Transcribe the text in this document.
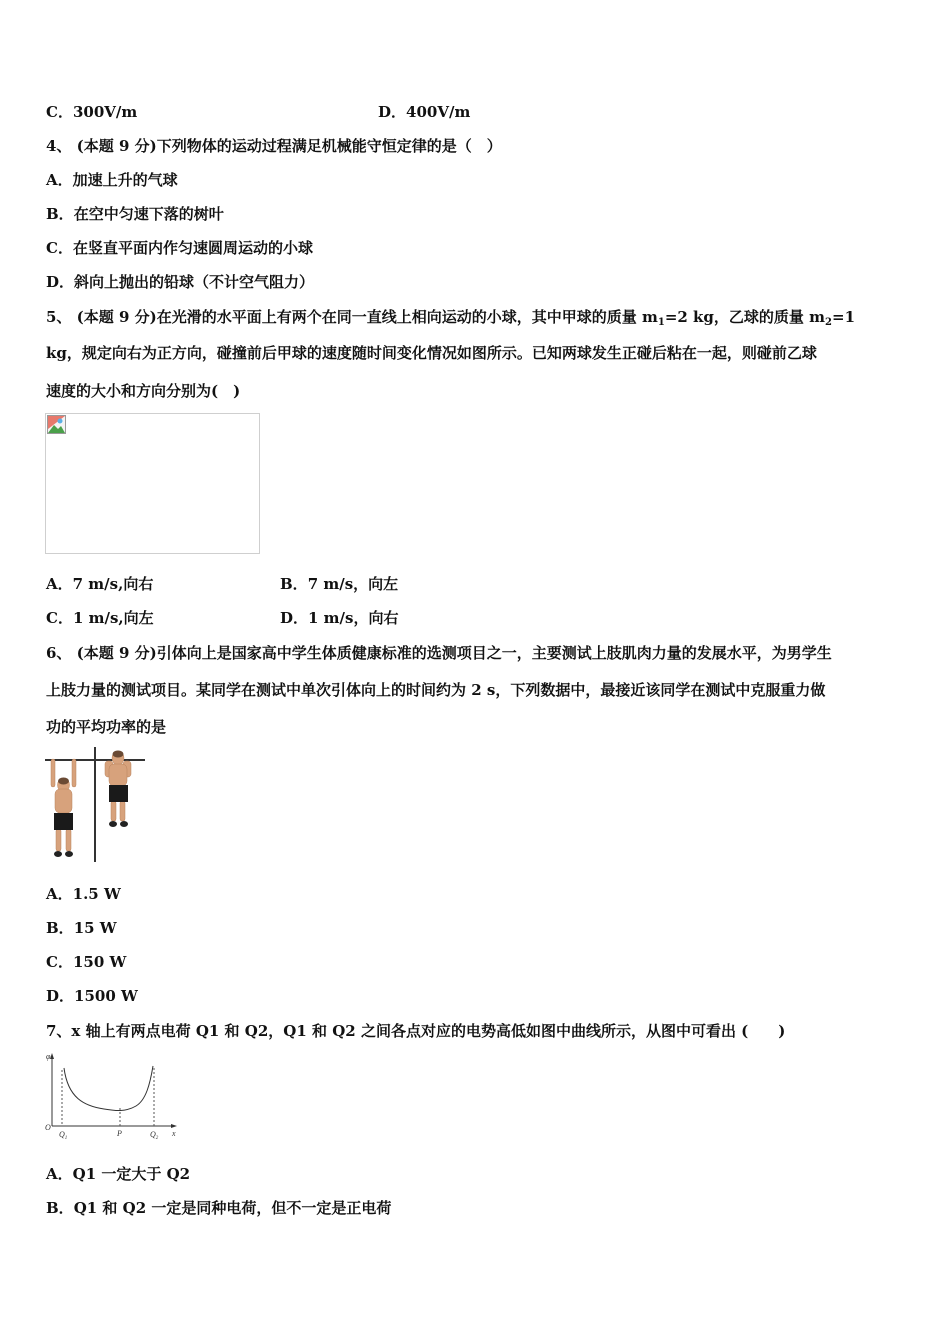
C．300V/m	D．400V/m
4、 (本题 9 分)下列物体的运动过程满足机械能守恒定律的是（　）
A．加速上升的气球
B．在空中匀速下落的树叶
C．在竖直平面内作匀速圆周运动的小球
D．斜向上抛出的铅球（不计空气阻力）
5、 (本题 9 分)在光滑的水平面上有两个在同一直线上相向运动的小球，其中甲球的质量 $m_1=2$ kg，乙球的质量 $m_2=1$
kg，规定向右为正方向，碰撞前后甲球的速度随时间变化情况如图所示。已知两球发生正碰后粘在一起，则碰前乙球
速度的大小和方向分别为(　)
A．7 m/s,向右	B．7 m/s，向左
C．1 m/s,向左	D．1 m/s，向右
6、 (本题 9 分)引体向上是国家高中学生体质健康标准的选测项目之一，主要测试上肢肌肉力量的发展水平，为男学生
上肢力量的测试项目。某同学在测试中单次引体向上的时间约为 2 s，下列数据中，最接近该同学在测试中克服重力做
功的平均功率的是
A．1.5 W
B．15 W
C．150 W
D．1500 W
7、x 轴上有两点电荷 Q1 和 Q2，Q1 和 Q2 之间各点对应的电势高低如图中曲线所示，从图中可看出 (　　)
φ
O
$Q_1$
P	$Q_2$
x
A．Q1 一定大于 Q2
B．Q1 和 Q2 一定是同种电荷，但不一定是正电荷
